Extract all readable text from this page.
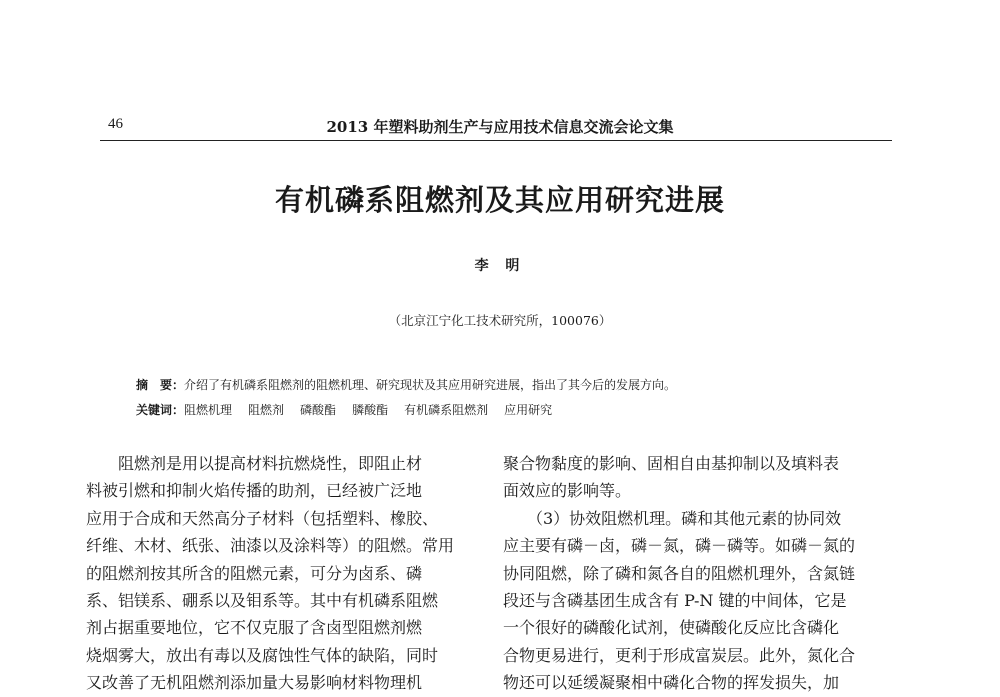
46	2013 年塑料助剂生产与应用技术信息交流会论文集
有机磷系阻燃剂及其应用研究进展
李 明
（北京江宁化工技术研究所，100076）
摘　要：介绍了有机磷系阻燃剂的阻燃机理、研究现状及其应用研究进展，指出了其今后的发展方向。
关键词：阻燃机理 阻燃剂 磷酸酯 膦酸酯 有机磷系阻燃剂 应用研究

　　阻燃剂是用以提高材料抗燃烧性，即阻止材

料被引燃和抑制火焰传播的助剂，已经被广泛地

应用于合成和天然高分子材料（包括塑料、橡胶、

纤维、木材、纸张、油漆以及涂料等）的阻燃。常用

的阻燃剂按其所含的阻燃元素，可分为卤系、磷

系、铝镁系、硼系以及钼系等。其中有机磷系阻燃

剂占据重要地位，它不仅克服了含卤型阻燃剂燃

烧烟雾大，放出有毒以及腐蚀性气体的缺陷，同时

又改善了无机阻燃剂添加量大易影响材料物理机

聚合物黏度的影响、固相自由基抑制以及填料表

面效应的影响等。

　　（3）协效阻燃机理。磷和其他元素的协同效

应主要有磷－卤，磷－氮，磷－磷等。如磷－氮的

协同阻燃，除了磷和氮各自的阻燃机理外，含氮链

段还与含磷基团生成含有 P-N 键的中间体，它是

一个很好的磷酸化试剂，使磷酸化反应比含磷化

合物更易进行，更利于形成富炭层。此外，氮化合

物还可以延缓凝聚相中磷化合物的挥发损失，加
